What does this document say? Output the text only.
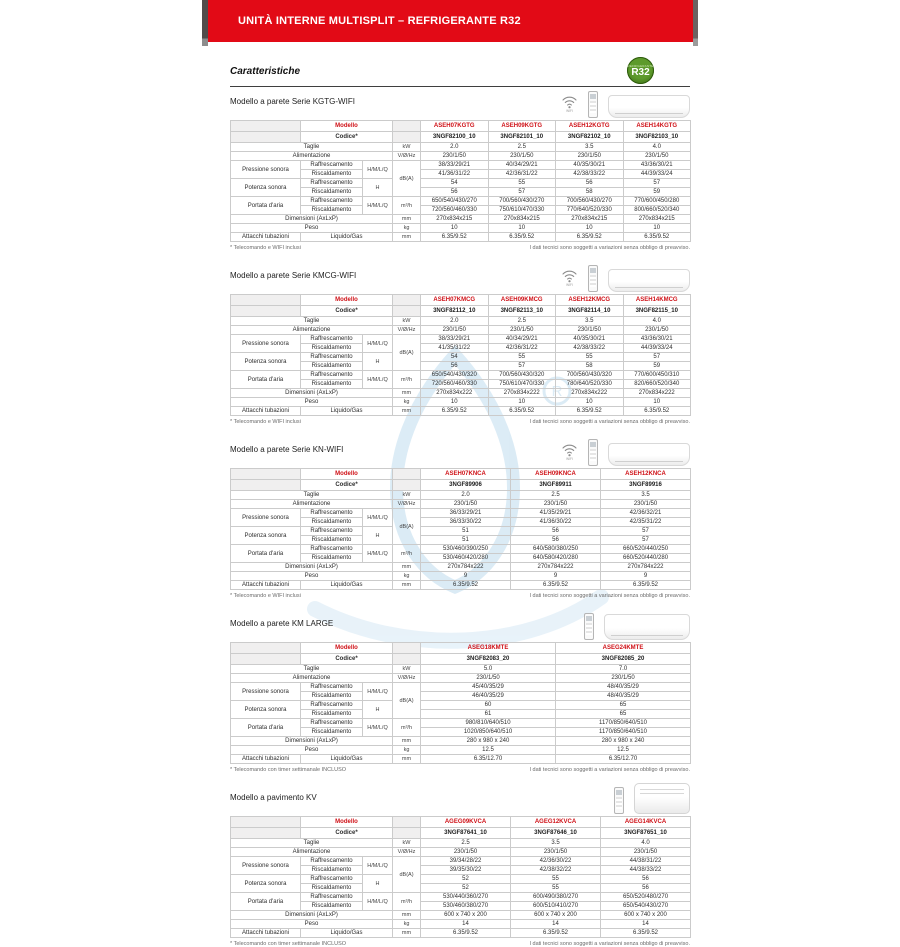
UNITÀ INTERNE MULTISPLIT – REFRIGERANTE R32
R
Caratteristiche	REFRIGERANTE
R32
Modello a parete Serie KGTG-WIFI
WIFI
	Modello			ASEH07KGTG	ASEH09KGTG	ASEH12KGTG	ASEH14KGTG
	Codice*			3NGF82100_10	3NGF82101_10	3NGF82102_10	3NGF82103_10
Taglie			kW	2.0	2.5	3.5	4.0
Alimentazione			V/Ø/Hz	230/1/50	230/1/50	230/1/50	230/1/50
Pressione sonora	Raffrescamento	H/M/L/Q	dB(A)	38/33/29/21	40/34/29/21	40/35/30/21	43/36/30/21
	Riscaldamento			41/36/31/22	42/36/31/22	42/38/33/22	44/39/33/24
Potenza sonora	Raffrescamento	H		54	55	56	57
	Riscaldamento			56	57	58	59
Portata d'aria	Raffrescamento	H/M/L/Q	m³/h	650/540/430/270	700/560/430/270	700/560/430/270	770/600/450/280
	Riscaldamento			720/560/460/330	750/610/470/330	770/640/520/330	800/660/520/340
Dimensioni (AxLxP)			mm	270x834x215	270x834x215	270x834x215	270x834x215
Peso			kg	10	10	10	10
Attacchi tubazioni	Liquido/Gas		mm	6.35/9.52	6.35/9.52	6.35/9.52	6.35/9.52
* Telecomando e WIFI inclusi	I dati tecnici sono soggetti a variazioni senza obbligo di preavviso.
Modello a parete Serie KMCG-WIFI
WIFI
	Modello			ASEH07KMCG	ASEH09KMCG	ASEH12KMCG	ASEH14KMCG
	Codice*			3NGF82112_10	3NGF82113_10	3NGF82114_10	3NGF82115_10
Taglie			kW	2.0	2.5	3.5	4.0
Alimentazione			V/Ø/Hz	230/1/50	230/1/50	230/1/50	230/1/50
Pressione sonora	Raffrescamento	H/M/L/Q	dB(A)	38/33/29/21	40/34/29/21	40/35/30/21	43/36/30/21
	Riscaldamento			41/35/31/22	42/36/31/22	42/38/33/22	44/39/33/24
Potenza sonora	Raffrescamento	H		54	55	55	57
	Riscaldamento			56	57	58	59
Portata d'aria	Raffrescamento	H/M/L/Q	m³/h	650/540/430/320	700/560/430/320	700/560/430/320	770/600/450/310
	Riscaldamento			720/560/460/330	750/610/470/330	780/640/520/330	820/660/520/340
Dimensioni (AxLxP)			mm	270x834x222	270x834x222	270x834x222	270x834x222
Peso			kg	10	10	10	10
Attacchi tubazioni	Liquido/Gas		mm	6.35/9.52	6.35/9.52	6.35/9.52	6.35/9.52
* Telecomando e WIFI inclusi	I dati tecnici sono soggetti a variazioni senza obbligo di preavviso.
Modello a parete Serie KN-WIFI
WIFI
	Modello			ASEH07KNCA	ASEH09KNCA	ASEH12KNCA
	Codice*			3NGF89906	3NGF89911	3NGF89916
Taglie			kW	2.0	2.5	3.5
Alimentazione			V/Ø/Hz	230/1/50	230/1/50	230/1/50
Pressione sonora	Raffrescamento	H/M/L/Q	dB(A)	36/33/29/21	41/35/29/21	42/36/32/21
	Riscaldamento			36/33/30/22	41/36/30/22	42/35/31/22
Potenza sonora	Raffrescamento	H		51	56	57
	Riscaldamento			51	56	57
Portata d'aria	Raffrescamento	H/M/L/Q	m³/h	530/460/390/250	640/580/380/250	660/520/440/250
	Riscaldamento			530/460/420/280	640/580/420/280	660/520/440/280
Dimensioni (AxLxP)			mm	270x784x222	270x784x222	270x784x222
Peso			kg	9	9	9
Attacchi tubazioni	Liquido/Gas		mm	6.35/9.52	6.35/9.52	6.35/9.52
* Telecomando e WIFI inclusi	I dati tecnici sono soggetti a variazioni senza obbligo di preavviso.
Modello a parete KM LARGE
	Modello			ASEG18KMTE	ASEG24KMTE
	Codice*			3NGF82083_20	3NGF82085_20
Taglie			kW	5.0	7.0
Alimentazione			V/Ø/Hz	230/1/50	230/1/50
Pressione sonora	Raffrescamento	H/M/L/Q	dB(A)	45/40/35/29	48/40/35/29
	Riscaldamento			46/40/35/29	48/40/35/29
Potenza sonora	Raffrescamento	H		60	65
	Riscaldamento			61	65
Portata d'aria	Raffrescamento	H/M/L/Q	m³/h	980/810/640/510	1170/850/640/510
	Riscaldamento			1020/850/640/510	1170/850/640/510
Dimensioni (AxLxP)			mm	280 x 980 x 240	280 x 980 x 240
Peso			kg	12.5	12.5
Attacchi tubazioni	Liquido/Gas		mm	6.35/12.70	6.35/12.70
* Telecomando con timer settimanale INCLUSO	I dati tecnici sono soggetti a variazioni senza obbligo di preavviso.
Modello a pavimento KV
	Modello			AGEG09KVCA	AGEG12KVCA	AGEG14KVCA
	Codice*			3NGF87641_10	3NGF87646_10	3NGF87651_10
Taglie			kW	2.5	3.5	4.0
Alimentazione			V/Ø/Hz	230/1/50	230/1/50	230/1/50
Pressione sonora	Raffrescamento	H/M/L/Q	dB(A)	39/34/28/22	42/36/30/22	44/38/31/22
	Riscaldamento			39/35/30/22	42/38/32/22	44/38/33/22
Potenza sonora	Raffrescamento	H		52	55	56
	Riscaldamento			52	55	56
Portata d'aria	Raffrescamento	H/M/L/Q	m³/h	530/440/360/270	600/490/380/270	650/520/480/270
	Riscaldamento			530/460/380/270	600/510/410/270	650/540/430/270
Dimensioni (AxLxP)			mm	600 x 740 x 200	600 x 740 x 200	600 x 740 x 200
Peso			kg	14	14	14
Attacchi tubazioni	Liquido/Gas		mm	6.35/9.52	6.35/9.52	6.35/9.52
* Telecomando con timer settimanale INCLUSO	I dati tecnici sono soggetti a variazioni senza obbligo di preavviso.
